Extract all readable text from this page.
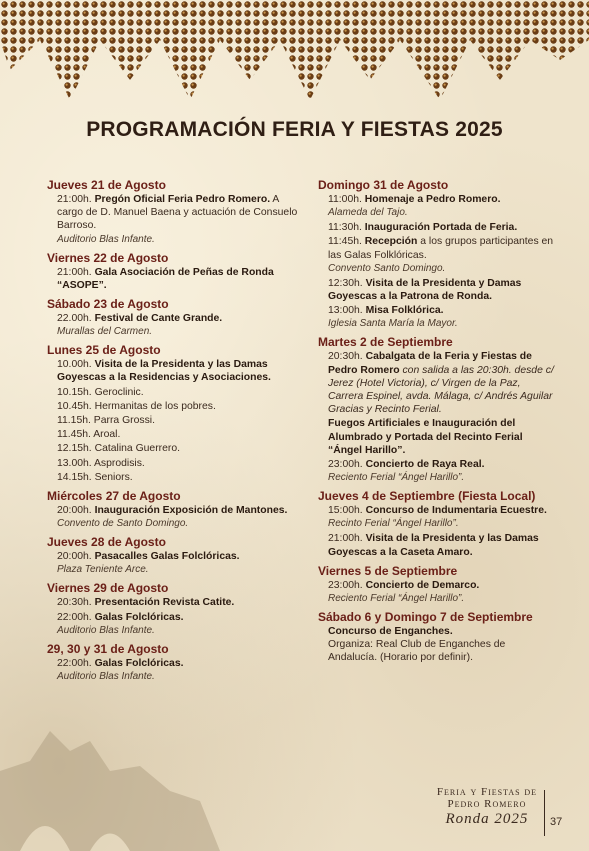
PROGRAMACIÓN FERIA Y FIESTAS 2025
Jueves 21 de Agosto
21:00h. Pregón Oficial Feria Pedro Romero. A cargo de D. Manuel Baena y actuación de Consuelo Barroso.
Auditorio Blas Infante.
Viernes 22 de Agosto
21:00h. Gala Asociación de Peñas de Ronda “ASOPE”.
Sábado 23 de Agosto
22.00h. Festival de Cante Grande.
Murallas del Carmen.
Lunes 25 de Agosto
10.00h. Visita de la Presidenta y las Damas Goyescas a la Residencias y Asociaciones.
10.15h. Geroclinic.
10.45h. Hermanitas de los pobres.
11.15h. Parra Grossi.
11.45h. Aroal.
12.15h. Catalina Guerrero.
13.00h. Asprodisis.
14.15h. Seniors.
Miércoles 27 de Agosto
20:00h. Inauguración Exposición de Mantones.
Convento de Santo Domingo.
Jueves 28 de Agosto
20:00h. Pasacalles Galas Folclóricas.
Plaza Teniente Arce.
Viernes 29 de Agosto
20:30h. Presentación Revista Catite.
22:00h. Galas Folclóricas.
Auditorio Blas Infante.
29, 30 y 31 de Agosto
22:00h. Galas Folclóricas.
Auditorio Blas Infante.
Domingo 31 de Agosto
11:00h. Homenaje a Pedro Romero.
Alameda del Tajo.
11:30h. Inauguración Portada de Feria.
11:45h. Recepción a los grupos participantes en las Galas Folklóricas.
Convento Santo Domingo.
12:30h. Visita de la Presidenta y Damas Goyescas a la Patrona de Ronda.
13:00h. Misa Folklórica.
Iglesia Santa María la Mayor.
Martes 2 de Septiembre
20:30h. Cabalgata de la Feria y Fiestas de Pedro Romero con salida a las 20:30h. desde c/ Jerez (Hotel Victoria), c/ Virgen de la Paz, Carrera Espinel, avda. Málaga, c/ Andrés Aguilar Gracias y Recinto Ferial.
Fuegos Artificiales e Inauguración del Alumbrado y Portada del Recinto Ferial “Ángel Harillo”.
23:00h. Concierto de Raya Real.
Reciento Ferial “Ángel Harillo”.
Jueves 4 de Septiembre (Fiesta Local)
15:00h. Concurso de Indumentaria Ecuestre.
Recinto Ferial “Ángel Harillo”.
21:00h. Visita de la Presidenta y las Damas Goyescas a la Caseta Amaro.
Viernes 5 de Septiembre
23:00h. Concierto de Demarco.
Reciento Ferial “Ángel Harillo”.
Sábado 6 y Domingo 7 de Septiembre
Concurso de Enganches.
Organiza: Real Club de Enganches de Andalucía. (Horario por definir).
Feria y Fiestas de
Pedro Romero
Ronda 2025	37
